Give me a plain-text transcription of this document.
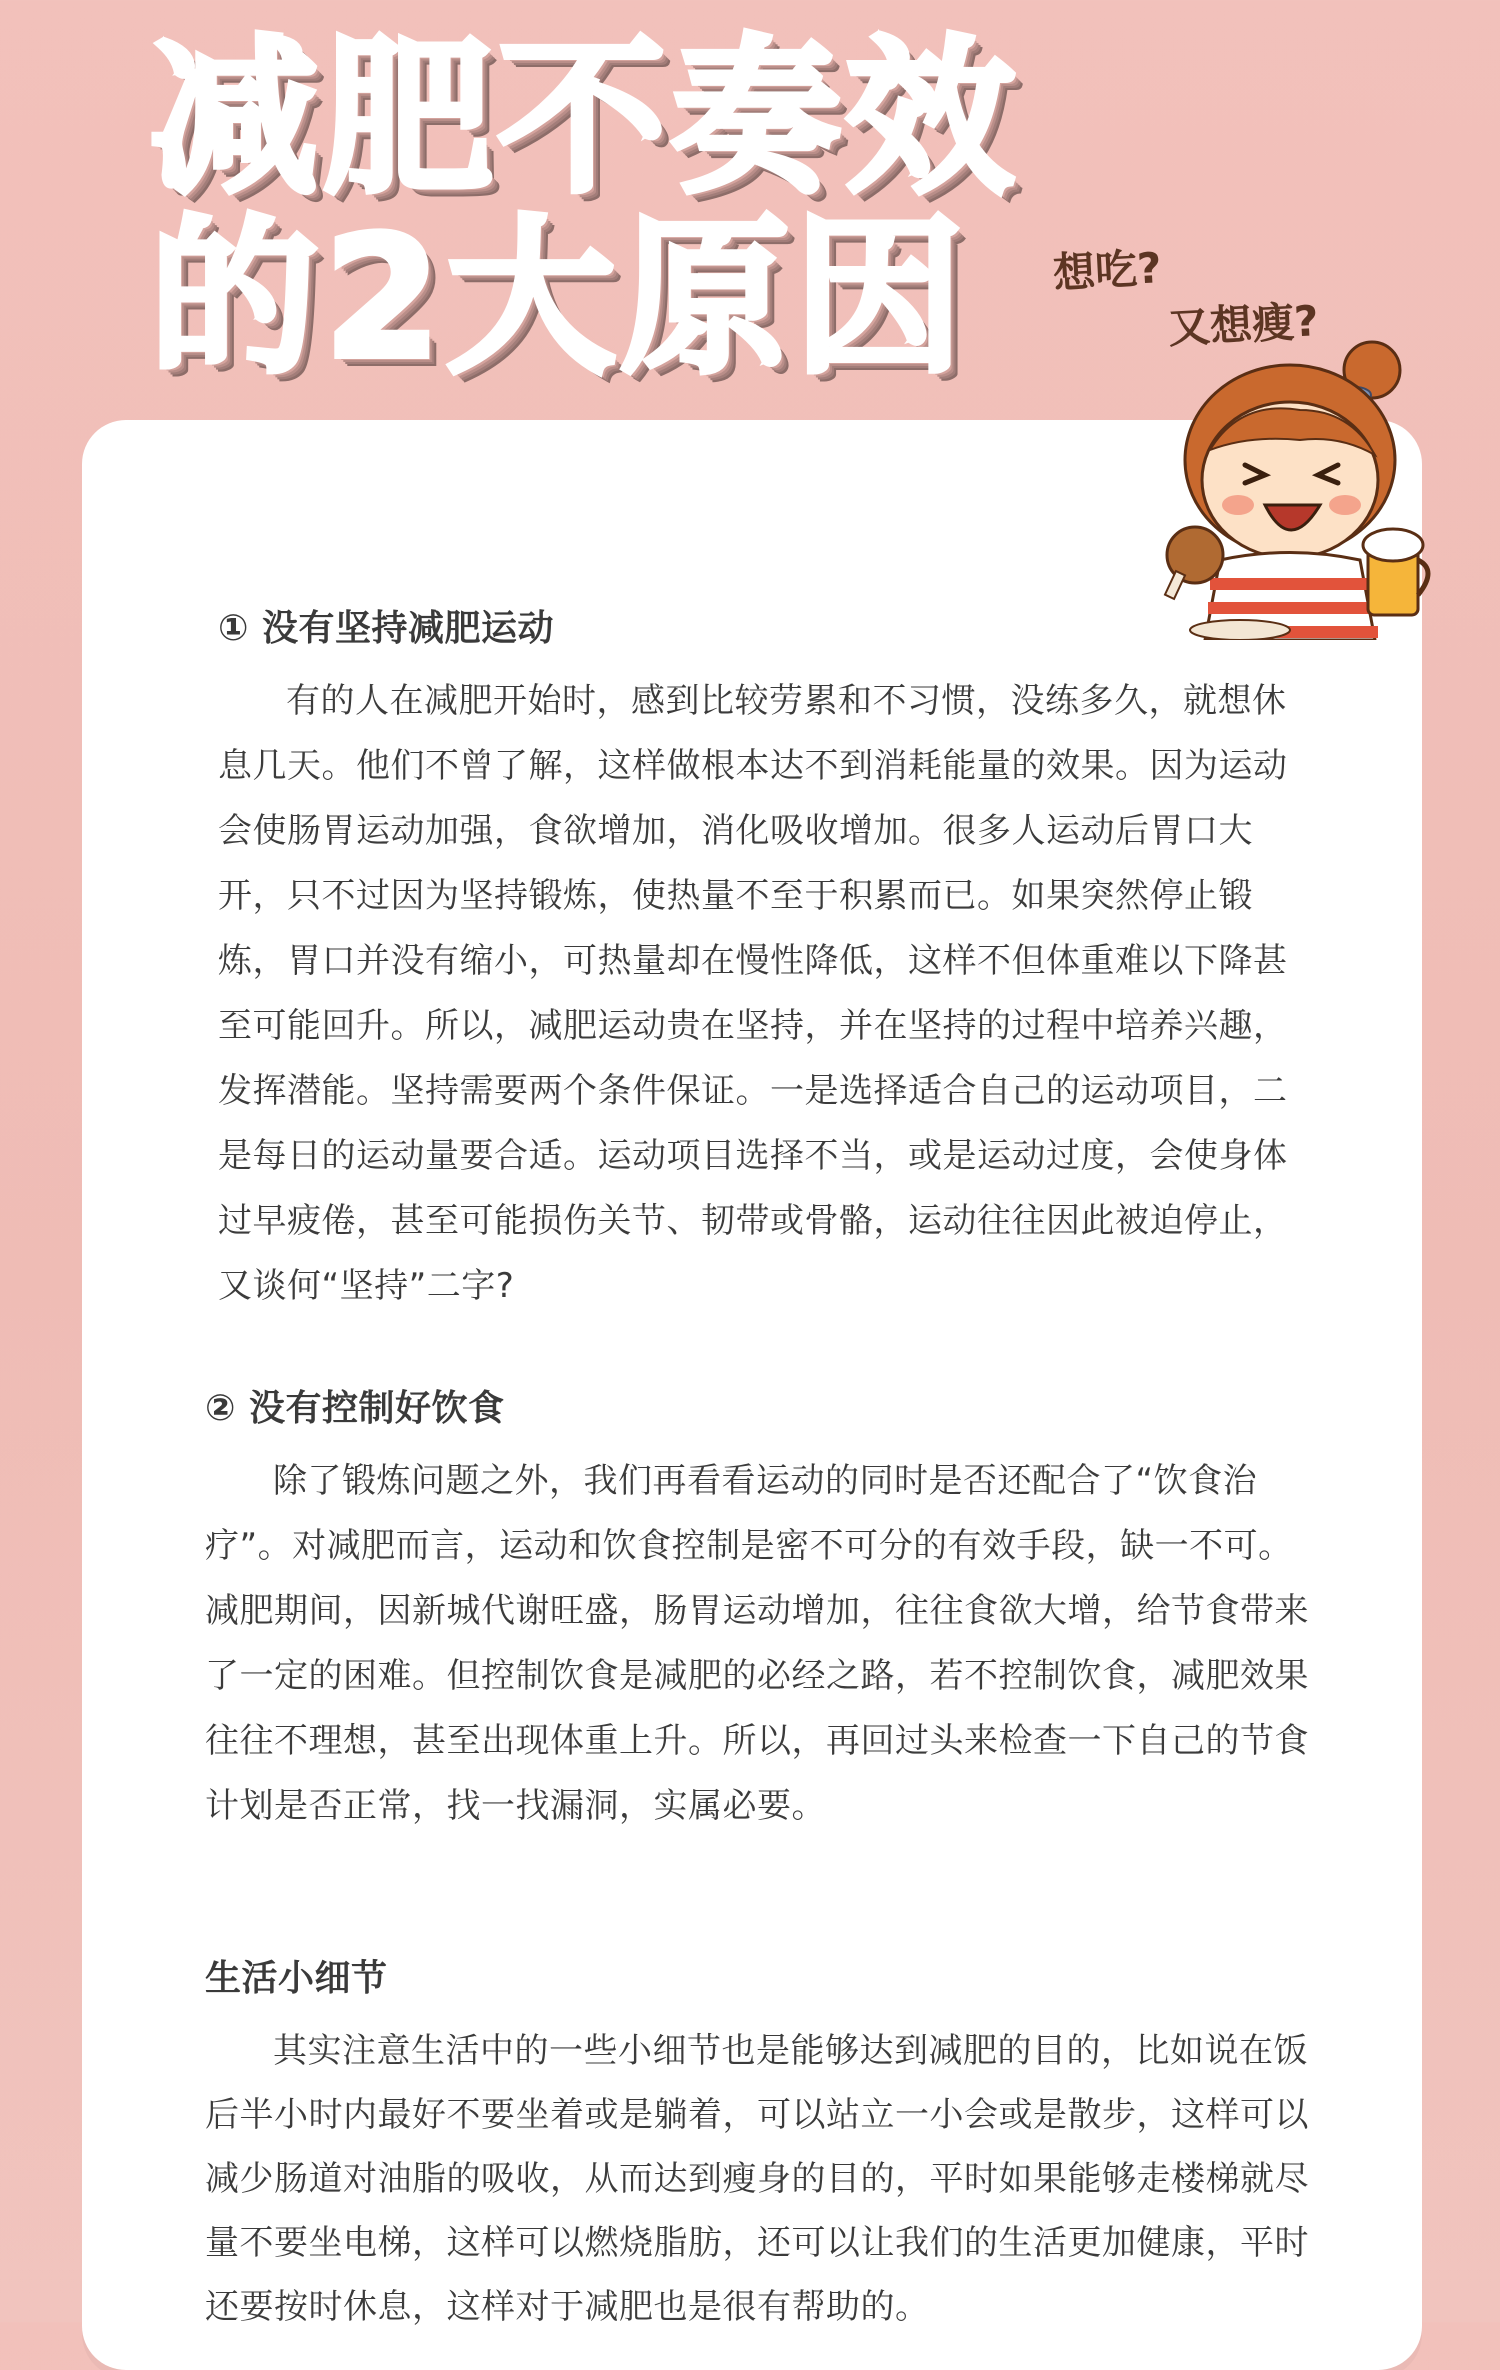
减肥不奏效
的2大原因	想吃?
又想瘦?
① 没有坚持减肥运动

有的人在减肥开始时，感到比较劳累和不习惯，没练多久，就想休息几天。他们不曾了解，这样做根本达不到消耗能量的效果。因为运动会使肠胃运动加强，食欲增加，消化吸收增加。很多人运动后胃口大开，只不过因为坚持锻炼，使热量不至于积累而已。如果突然停止锻炼，胃口并没有缩小，可热量却在慢性降低，这样不但体重难以下降甚至可能回升。所以，减肥运动贵在坚持，并在坚持的过程中培养兴趣，发挥潜能。坚持需要两个条件保证。一是选择适合自己的运动项目，二是每日的运动量要合适。运动项目选择不当，或是运动过度，会使身体过早疲倦，甚至可能损伤关节、韧带或骨骼，运动往往因此被迫停止，又谈何“坚持”二字?

② 没有控制好饮食

除了锻炼问题之外，我们再看看运动的同时是否还配合了“饮食治疗”。对减肥而言，运动和饮食控制是密不可分的有效手段，缺一不可。减肥期间，因新城代谢旺盛，肠胃运动增加，往往食欲大增，给节食带来了一定的困难。但控制饮食是减肥的必经之路，若不控制饮食，减肥效果往往不理想，甚至出现体重上升。所以，再回过头来检查一下自己的节食计划是否正常，找一找漏洞，实属必要。

生活小细节

其实注意生活中的一些小细节也是能够达到减肥的目的，比如说在饭后半小时内最好不要坐着或是躺着，可以站立一小会或是散步，这样可以减少肠道对油脂的吸收，从而达到瘦身的目的，平时如果能够走楼梯就尽量不要坐电梯，这样可以燃烧脂肪，还可以让我们的生活更加健康，平时还要按时休息，这样对于减肥也是很有帮助的。
